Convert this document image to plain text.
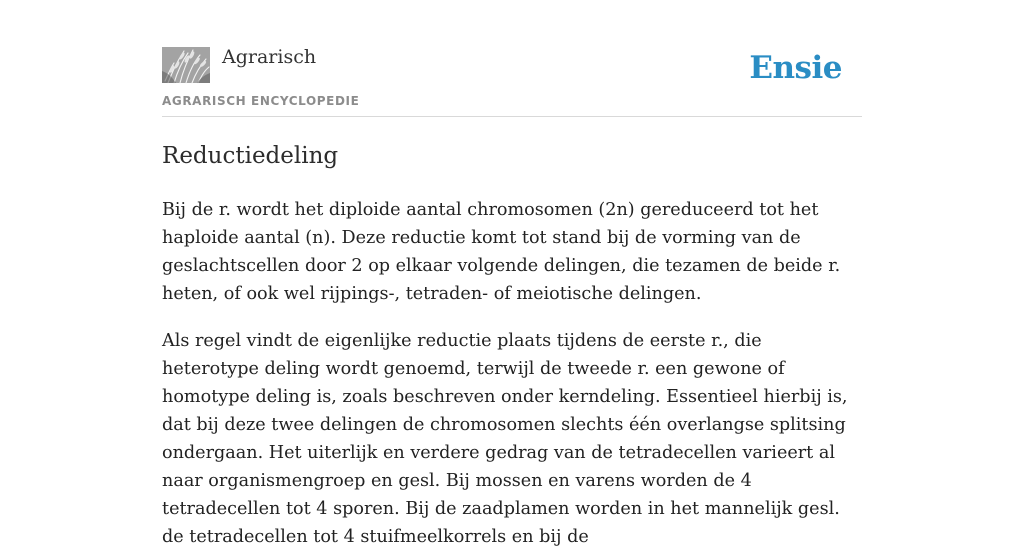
Agrarisch
AGRARISCH ENCYCLOPEDIE
Ensie
Reductiedeling

Bij de r. wordt het diploide aantal chromosomen (2n) gereduceerd tot het haploide aantal (n). Deze reductie komt tot stand bij de vorming van de geslachtscellen door 2 op elkaar volgende delingen, die tezamen de beide r. heten, of ook wel rijpings-, tetraden- of meiotische delingen.

Als regel vindt de eigenlijke reductie plaats tijdens de eerste r., die heterotype deling wordt genoemd, terwijl de tweede r. een gewone of homotype deling is, zoals beschreven onder kerndeling. Essentieel hierbij is, dat bij deze twee delingen de chromosomen slechts één overlangse splitsing ondergaan. Het uiterlijk en verdere gedrag van de tetradecellen varieert al naar organismengroep en gesl. Bij mossen en varens worden de 4 tetradecellen tot 4 sporen. Bij de zaadplamen worden in het mannelijk gesl. de tetradecellen tot 4 stuifmeelkorrels en bij de
